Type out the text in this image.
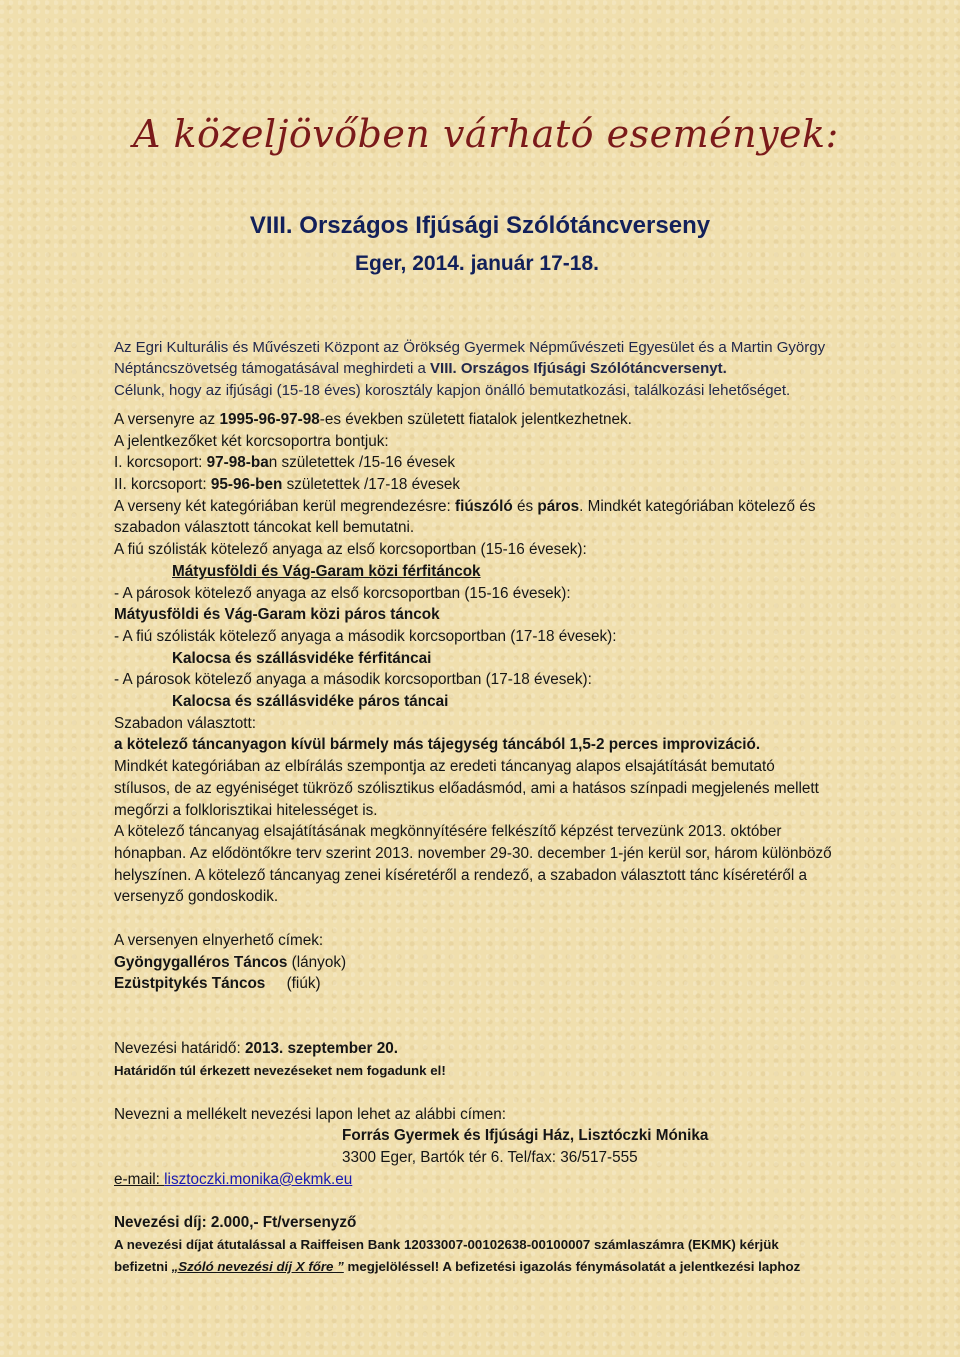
A közeljövőben várható események:
VIII. Országos Ifjúsági Szólótáncverseny
Eger, 2014. január 17-18.
Az Egri Kulturális és Művészeti Központ az Örökség Gyermek Népművészeti Egyesület és a Martin György Néptáncszövetség támogatásával meghirdeti a VIII. Országos Ifjúsági Szólótáncversenyt.
Célunk, hogy az ifjúsági (15-18 éves) korosztály kapjon önálló bemutatkozási, találkozási lehetőséget.
A versenyre az 1995-96-97-98-es években született fiatalok jelentkezhetnek.
A jelentkezőket két korcsoportra bontjuk:
I. korcsoport: 97-98-ban születettek /15-16 évesek
II. korcsoport: 95-96-ben születettek /17-18 évesek
A verseny két kategóriában kerül megrendezésre: fiúszóló és páros. Mindkét kategóriában kötelező és szabadon választott táncokat kell bemutatni.
A fiú szólisták kötelező anyaga az első korcsoportban (15-16 évesek):
Mátyusföldi és Vág-Garam közi férfitáncok
- A párosok kötelező anyaga az első korcsoportban (15-16 évesek):
Mátyusföldi és Vág-Garam közi páros táncok
- A fiú szólisták kötelező anyaga a második korcsoportban (17-18 évesek):
Kalocsa és szállásvidéke férfitáncai
- A párosok kötelező anyaga a második korcsoportban (17-18 évesek):
Kalocsa és szállásvidéke páros táncai
Szabadon választott:
a kötelező táncanyagon kívül bármely más tájegység táncából 1,5-2 perces improvizáció.
Mindkét kategóriában az elbírálás szempontja az eredeti táncanyag alapos elsajátítását bemutató stílusos, de az egyéniséget tükröző szólisztikus előadásmód, ami a hatásos színpadi megjelenés mellett megőrzi a folklorisztikai hitelességet is.
A kötelező táncanyag elsajátításának megkönnyítésére felkészítő képzést tervezünk 2013. október hónapban. Az elődöntőkre terv szerint 2013. november 29-30. december 1-jén kerül sor, három különböző helyszínen. A kötelező táncanyag zenei kíséretéről a rendező, a szabadon választott tánc kíséretéről a versenyző gondoskodik.
A versenyen elnyerhető címek:
Gyöngygalléros Táncos (lányok)
Ezüstpitykés Táncos     (fiúk)
Nevezési határidő: 2013. szeptember 20.
Határidőn túl érkezett nevezéseket nem fogadunk el!
Nevezni a mellékelt nevezési lapon lehet az alábbi címen:
Forrás Gyermek és Ifjúsági Ház, Lisztóczki Mónika
3300 Eger, Bartók tér 6. Tel/fax: 36/517-555
e-mail: lisztoczki.monika@ekmk.eu
Nevezési díj: 2.000,- Ft/versenyző
A nevezési díjat átutalással a Raiffeisen Bank 12033007-00102638-00100007 számlaszámra (EKMK) kérjük
befizetni „Szóló nevezési díj X főre ” megjelöléssel! A befizetési igazolás fénymásolatát a jelentkezési laphoz
